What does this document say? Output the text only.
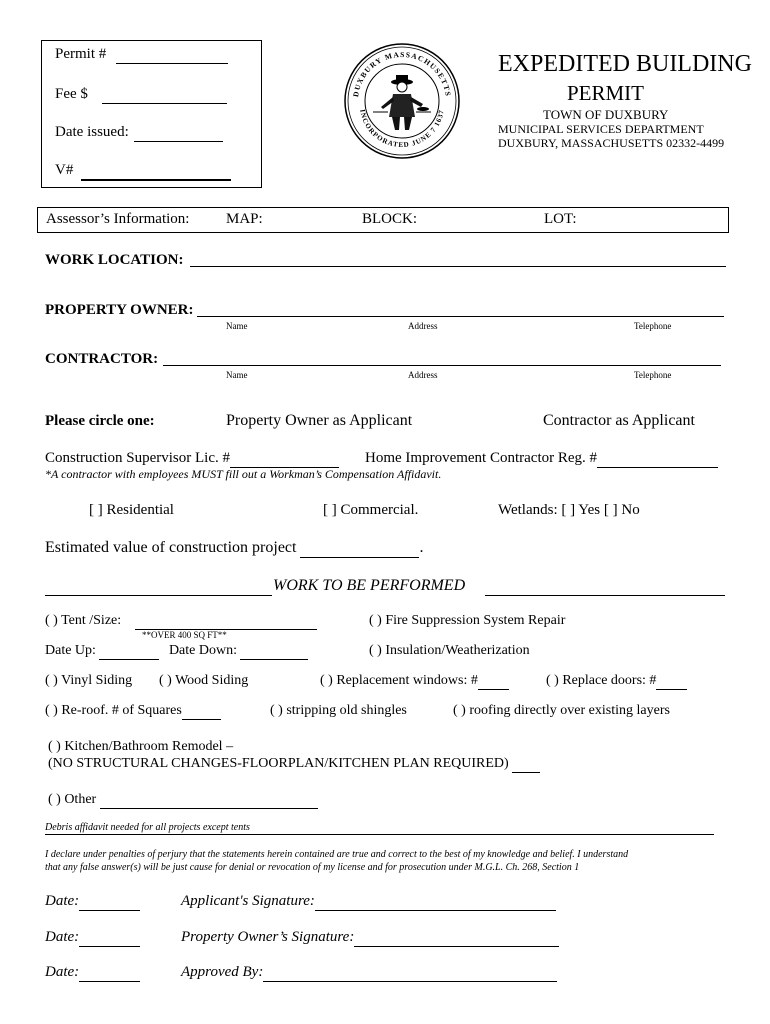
Permit #
Fee $
Date issued:
V#
DUXBURY MASSACHUSETTS
INCORPORATED JUNE 7 1637
EXPEDITED BUILDING
PERMIT
TOWN OF DUXBURY
MUNICIPAL SERVICES DEPARTMENT
DUXBURY, MASSACHUSETTS 02332-4499
Assessor’s Information: MAP:	BLOCK:	LOT:
WORK LOCATION:
PROPERTY OWNER:
Name	Address	Telephone
CONTRACTOR:
Name	Address	Telephone
Please circle one:	Property Owner as Applicant	Contractor as Applicant
Construction Supervisor Lic. #	Home Improvement Contractor Reg. #
*A contractor with employees MUST fill out a Workman’s Compensation Affidavit.
[ ] Residential	[ ] Commercial.	Wetlands: [ ] Yes [ ] No
Estimated value of construction project	.
WORK TO BE PERFORMED
( ) Tent /Size:
**OVER 400 SQ FT**
( ) Fire Suppression System Repair
Date Up:	Date Down:	( ) Insulation/Weatherization
( ) Vinyl Siding ( ) Wood Siding	( ) Replacement windows: #	( ) Replace doors: #
( ) Re-roof. # of Squares	( ) stripping old shingles	( ) roofing directly over existing layers
( ) Kitchen/Bathroom Remodel –
(NO STRUCTURAL CHANGES-FLOORPLAN/KITCHEN PLAN REQUIRED)
( ) Other
Debris affidavit needed for all projects except tents
I declare under penalties of perjury that the statements herein contained are true and correct to the best of my knowledge and belief. I understand
that any false answer(s) will be just cause for denial or revocation of my license and for prosecution under M.G.L. Ch. 268, Section 1
Date:	Applicant's Signature:
Date:	Property Owner’s Signature:
Date:	Approved By:
